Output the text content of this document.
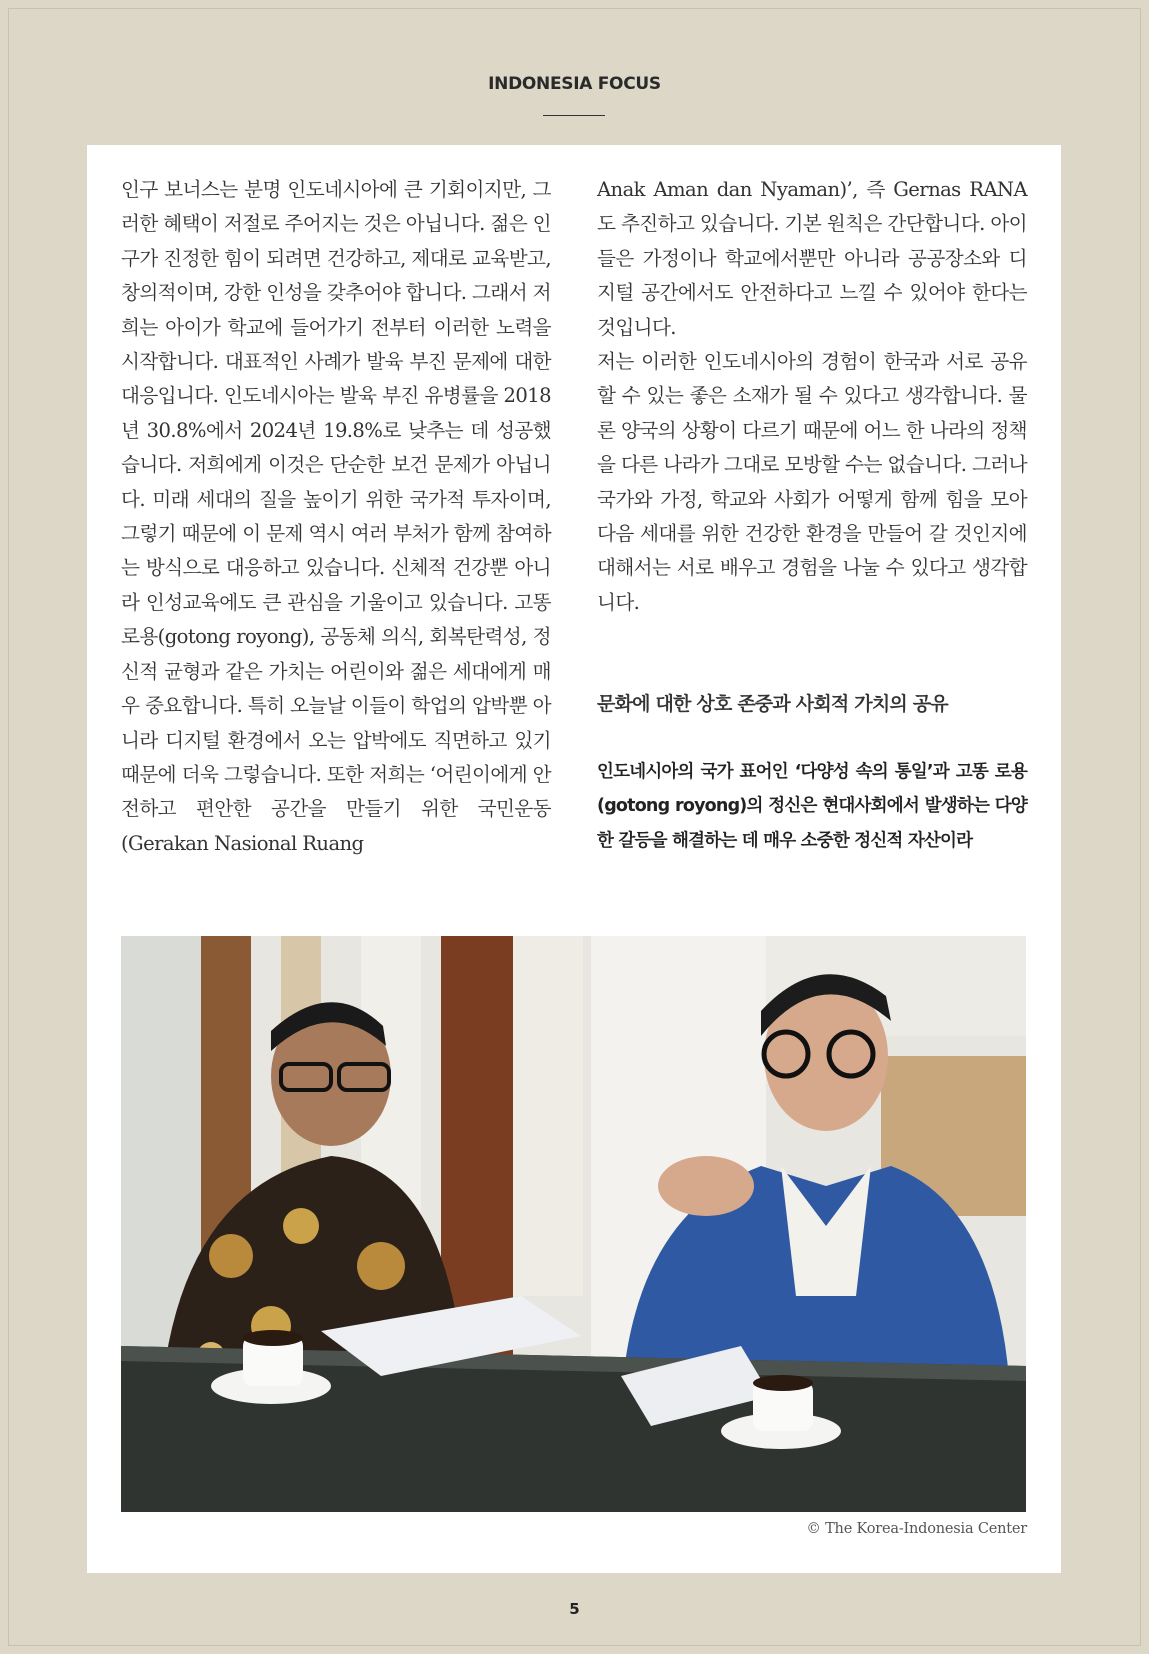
INDONESIA FOCUS

인구 보너스는 분명 인도네시아에 큰 기회이지만, 그러한 혜택이 저절로 주어지는 것은 아닙니다. 젊은 인구가 진정한 힘이 되려면 건강하고, 제대로 교육받고, 창의적이며, 강한 인성을 갖추어야 합니다. 그래서 저희는 아이가 학교에 들어가기 전부터 이러한 노력을 시작합니다. 대표적인 사례가 발육 부진 문제에 대한 대응입니다. 인도네시아는 발육 부진 유병률을 2018년 30.8%에서 2024년 19.8%로 낮추는 데 성공했습니다. 저희에게 이것은 단순한 보건 문제가 아닙니다. 미래 세대의 질을 높이기 위한 국가적 투자이며, 그렇기 때문에 이 문제 역시 여러 부처가 함께 참여하는 방식으로 대응하고 있습니다. 신체적 건강뿐 아니라 인성교육에도 큰 관심을 기울이고 있습니다. 고똥 로용(gotong royong), 공동체 의식, 회복탄력성, 정신적 균형과 같은 가치는 어린이와 젊은 세대에게 매우 중요합니다. 특히 오늘날 이들이 학업의 압박뿐 아니라 디지털 환경에서 오는 압박에도 직면하고 있기 때문에 더욱 그렇습니다. 또한 저희는 ‘어린이에게 안전하고 편안한 공간을 만들기 위한 국민운동(Gerakan Nasional Ruang

Anak Aman dan Nyaman)’, 즉 Gernas RANA도 추진하고 있습니다. 기본 원칙은 간단합니다. 아이들은 가정이나 학교에서뿐만 아니라 공공장소와 디지털 공간에서도 안전하다고 느낄 수 있어야 한다는 것입니다.

저는 이러한 인도네시아의 경험이 한국과 서로 공유할 수 있는 좋은 소재가 될 수 있다고 생각합니다. 물론 양국의 상황이 다르기 때문에 어느 한 나라의 정책을 다른 나라가 그대로 모방할 수는 없습니다. 그러나 국가와 가정, 학교와 사회가 어떻게 함께 힘을 모아 다음 세대를 위한 건강한 환경을 만들어 갈 것인지에 대해서는 서로 배우고 경험을 나눌 수 있다고 생각합니다.

문화에 대한 상호 존중과 사회적 가치의 공유

인도네시아의 국가 표어인 ‘다양성 속의 통일’과 고똥 로용(gotong royong)의 정신은 현대사회에서 발생하는 다양한 갈등을 해결하는 데 매우 소중한 정신적 자산이라

© The Korea-Indonesia Center
5
